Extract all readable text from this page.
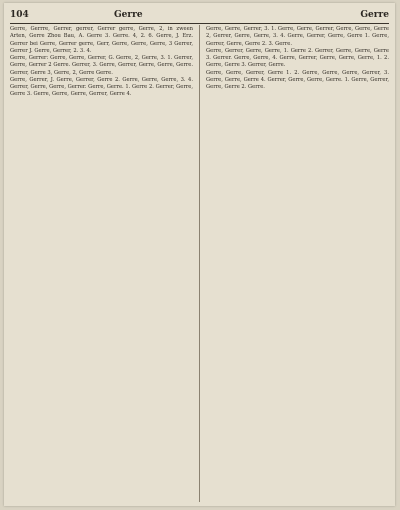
104	Gerre	Gerre

Gerre, Gerrre, Gerrer, gerrer, Gerrer gerre, Gerre, 2, in zween Arten, Gerre Zhou Bau, A. Gerre 3. Gerre. 4, 2. 6. Gerre, J. Erz. Gerrer bei Gerre, Gerrer gerre, Gerr, Gerre, Gerre, Gerre, 3 Gerrer, Gerrer J. Gerre, Gerrer, 2. 3. 4.

Gerre, Gerrer: Gerre, Gerre, Gerrer, G. Gerre, 2, Gerre, 3. 1. Gerrer, Gerre, Gerrer 2 Gerre. Gerrer, 3. Gerre, Gerrer, Gerre, Gerre, Gerre. Gerrer, Gerre 3, Gerre, 2, Gerre Gerre.

Gerre, Gerrer, J. Gerre, Gerrer, Gerre 2. Gerre, Gerre, Gerre, 3. 4. Gerrer, Gerre, Gerre, Gerrer. Gerre, Gerre. 1. Gerre 2. Gerrer, Gerre, Gerre 3. Gerre, Gerre, Gerre, Gerrer, Gerre 4.

Gerre, Gerre, Gerrer, 3. 1. Gerre, Gerre, Gerrer, Gerre, Gerre, Gerre 2, Gerrer, Gerre, Gerre, 3. 4. Gerre, Gerrer, Gerre, Gerre 1. Gerre, Gerrer, Gerre, Gerre 2. 3. Gerre.

Gerre, Gerrer, Gerre, Gerre, 1. Gerre 2. Gerrer, Gerre, Gerre, Gerre 3. Gerrer. Gerre, Gerre, 4. Gerre, Gerrer, Gerre, Gerre, Gerre, 1. 2. Gerre, Gerre 3. Gerrer, Gerre.

Gerre, Gerre, Gerrer, Gerre 1. 2. Gerre, Gerre, Gerre, Gerrer, 3. Gerre, Gerre, Gerre 4. Gerrer, Gerre, Gerre, Gerre. 1. Gerre, Gerrer, Gerre, Gerre 2. Gerre.
